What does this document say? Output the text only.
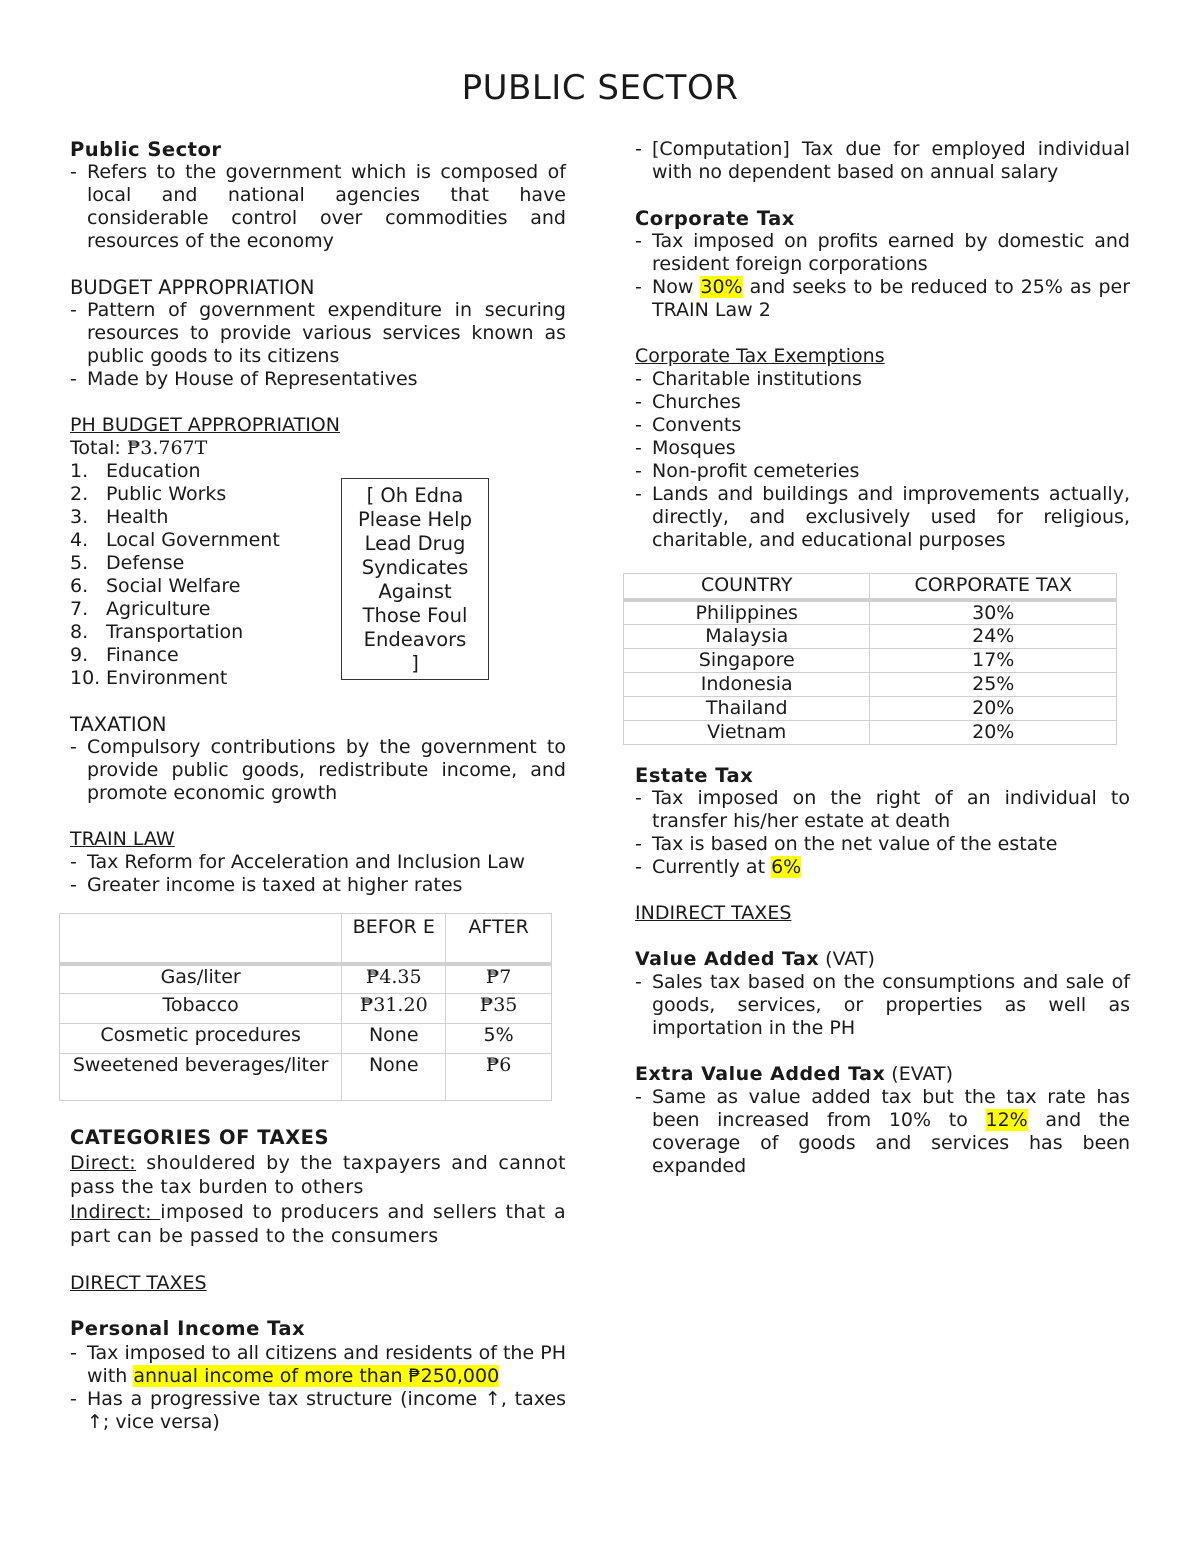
PUBLIC SECTOR
Public Sector
- Refers to the government which is composed of local and national agencies that have considerable control over commodities and resources of the economy
BUDGET APPROPRIATION
- Pattern of government expenditure in securing resources to provide various services known as public goods to its citizens
- Made by House of Representatives
PH BUDGET APPROPRIATION
Total: ₱3.767T
1. Education
2. Public Works
3. Health
4. Local Government
5. Defense
6. Social Welfare
7. Agriculture
8. Transportation
9. Finance
10. Environment
TAXATION
- Compulsory contributions by the government to provide public goods, redistribute income, and promote economic growth
TRAIN LAW
- Tax Reform for Acceleration and Inclusion Law
- Greater income is taxed at higher rates
[ Oh Edna
Please Help
Lead Drug
Syndicates
Against
Those Foul
Endeavors
]
	BEFOR E	AFTER
Gas/liter	₱4.35	₱7
Tobacco	₱31.20	₱35
Cosmetic procedures	None	5%
Sweetened beverages/liter	None	₱6
CATEGORIES OF TAXES
Direct: shouldered by the taxpayers and cannot pass the tax burden to others
Indirect: imposed to producers and sellers that a part can be passed to the consumers
DIRECT TAXES
Personal Income Tax
- Tax imposed to all citizens and residents of the PH with annual income of more than ₱250,000
- Has a progressive tax structure (income ↑, taxes ↑; vice versa)
- [Computation] Tax due for employed individual with no dependent based on annual salary
Corporate Tax
- Tax imposed on profits earned by domestic and resident foreign corporations
- Now 30% and seeks to be reduced to 25% as per TRAIN Law 2
Corporate Tax Exemptions
- Charitable institutions
- Churches
- Convents
- Mosques
- Non-profit cemeteries
- Lands and buildings and improvements actually, directly, and exclusively used for religious, charitable, and educational purposes
COUNTRY	CORPORATE TAX
Philippines	30%
Malaysia	24%
Singapore	17%
Indonesia	25%
Thailand	20%
Vietnam	20%
Estate Tax
- Tax imposed on the right of an individual to transfer his/her estate at death
- Tax is based on the net value of the estate
- Currently at 6%
INDIRECT TAXES
Value Added Tax (VAT)
- Sales tax based on the consumptions and sale of goods, services, or properties as well as importation in the PH
Extra Value Added Tax (EVAT)
- Same as value added tax but the tax rate has been increased from 10% to 12% and the coverage of goods and services has been expanded
